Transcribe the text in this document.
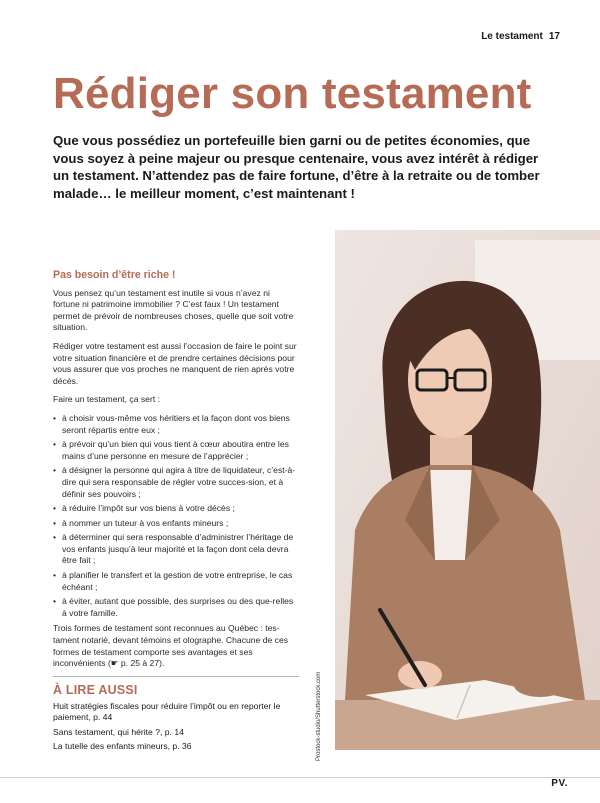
Le testament 17
Rédiger son testament

Que vous possédiez un portefeuille bien garni ou de petites économies, que vous soyez à peine majeur ou presque centenaire, vous avez intérêt à rédiger un testament. N’attendez pas de faire fortune, d’être à la retraite ou de tomber malade… le meilleur moment, c’est maintenant !

Pas besoin d’être riche !

Vous pensez qu’un testament est inutile si vous n’avez ni fortune ni patrimoine immobilier ? C’est faux ! Un testament permet de prévoir de nombreuses choses, quelle que soit votre situation.

Rédiger votre testament est aussi l’occasion de faire le point sur votre situation financière et de prendre certaines décisions pour vous assurer que vos proches ne manquent de rien après votre décès.

Faire un testament, ça sert :

• à choisir vous-même vos héritiers et la façon dont vos biens seront répartis entre eux ;
• à prévoir qu’un bien qui vous tient à cœur aboutira entre les mains d’une personne en mesure de l’apprécier ;
• à désigner la personne qui agira à titre de liquidateur, c’est-à-dire qui sera responsable de régler votre succes-sion, et à définir ses pouvoirs ;
• à réduire l’impôt sur vos biens à votre décès ;
• à nommer un tuteur à vos enfants mineurs ;
• à déterminer qui sera responsable d’administrer l’héritage de vos enfants jusqu’à leur majorité et la façon dont cela devra être fait ;
• à planifier le transfert et la gestion de votre entreprise, le cas échéant ;
• à éviter, autant que possible, des surprises ou des que-relles à votre famille.

Trois formes de testament sont reconnues au Québec : tes-tament notarié, devant témoins et olographe. Chacune de ces formes de testament comporte ses avantages et ses inconvénients (☛ p. 25 à 27).

À LIRE AUSSI
Huit stratégies fiscales pour réduire l’impôt ou en reporter le paiement, p. 44
Sans testament, qui hérite ?, p. 14
La tutelle des enfants mineurs, p. 36	Prostock-studio/Shutterstock.com
PV.
